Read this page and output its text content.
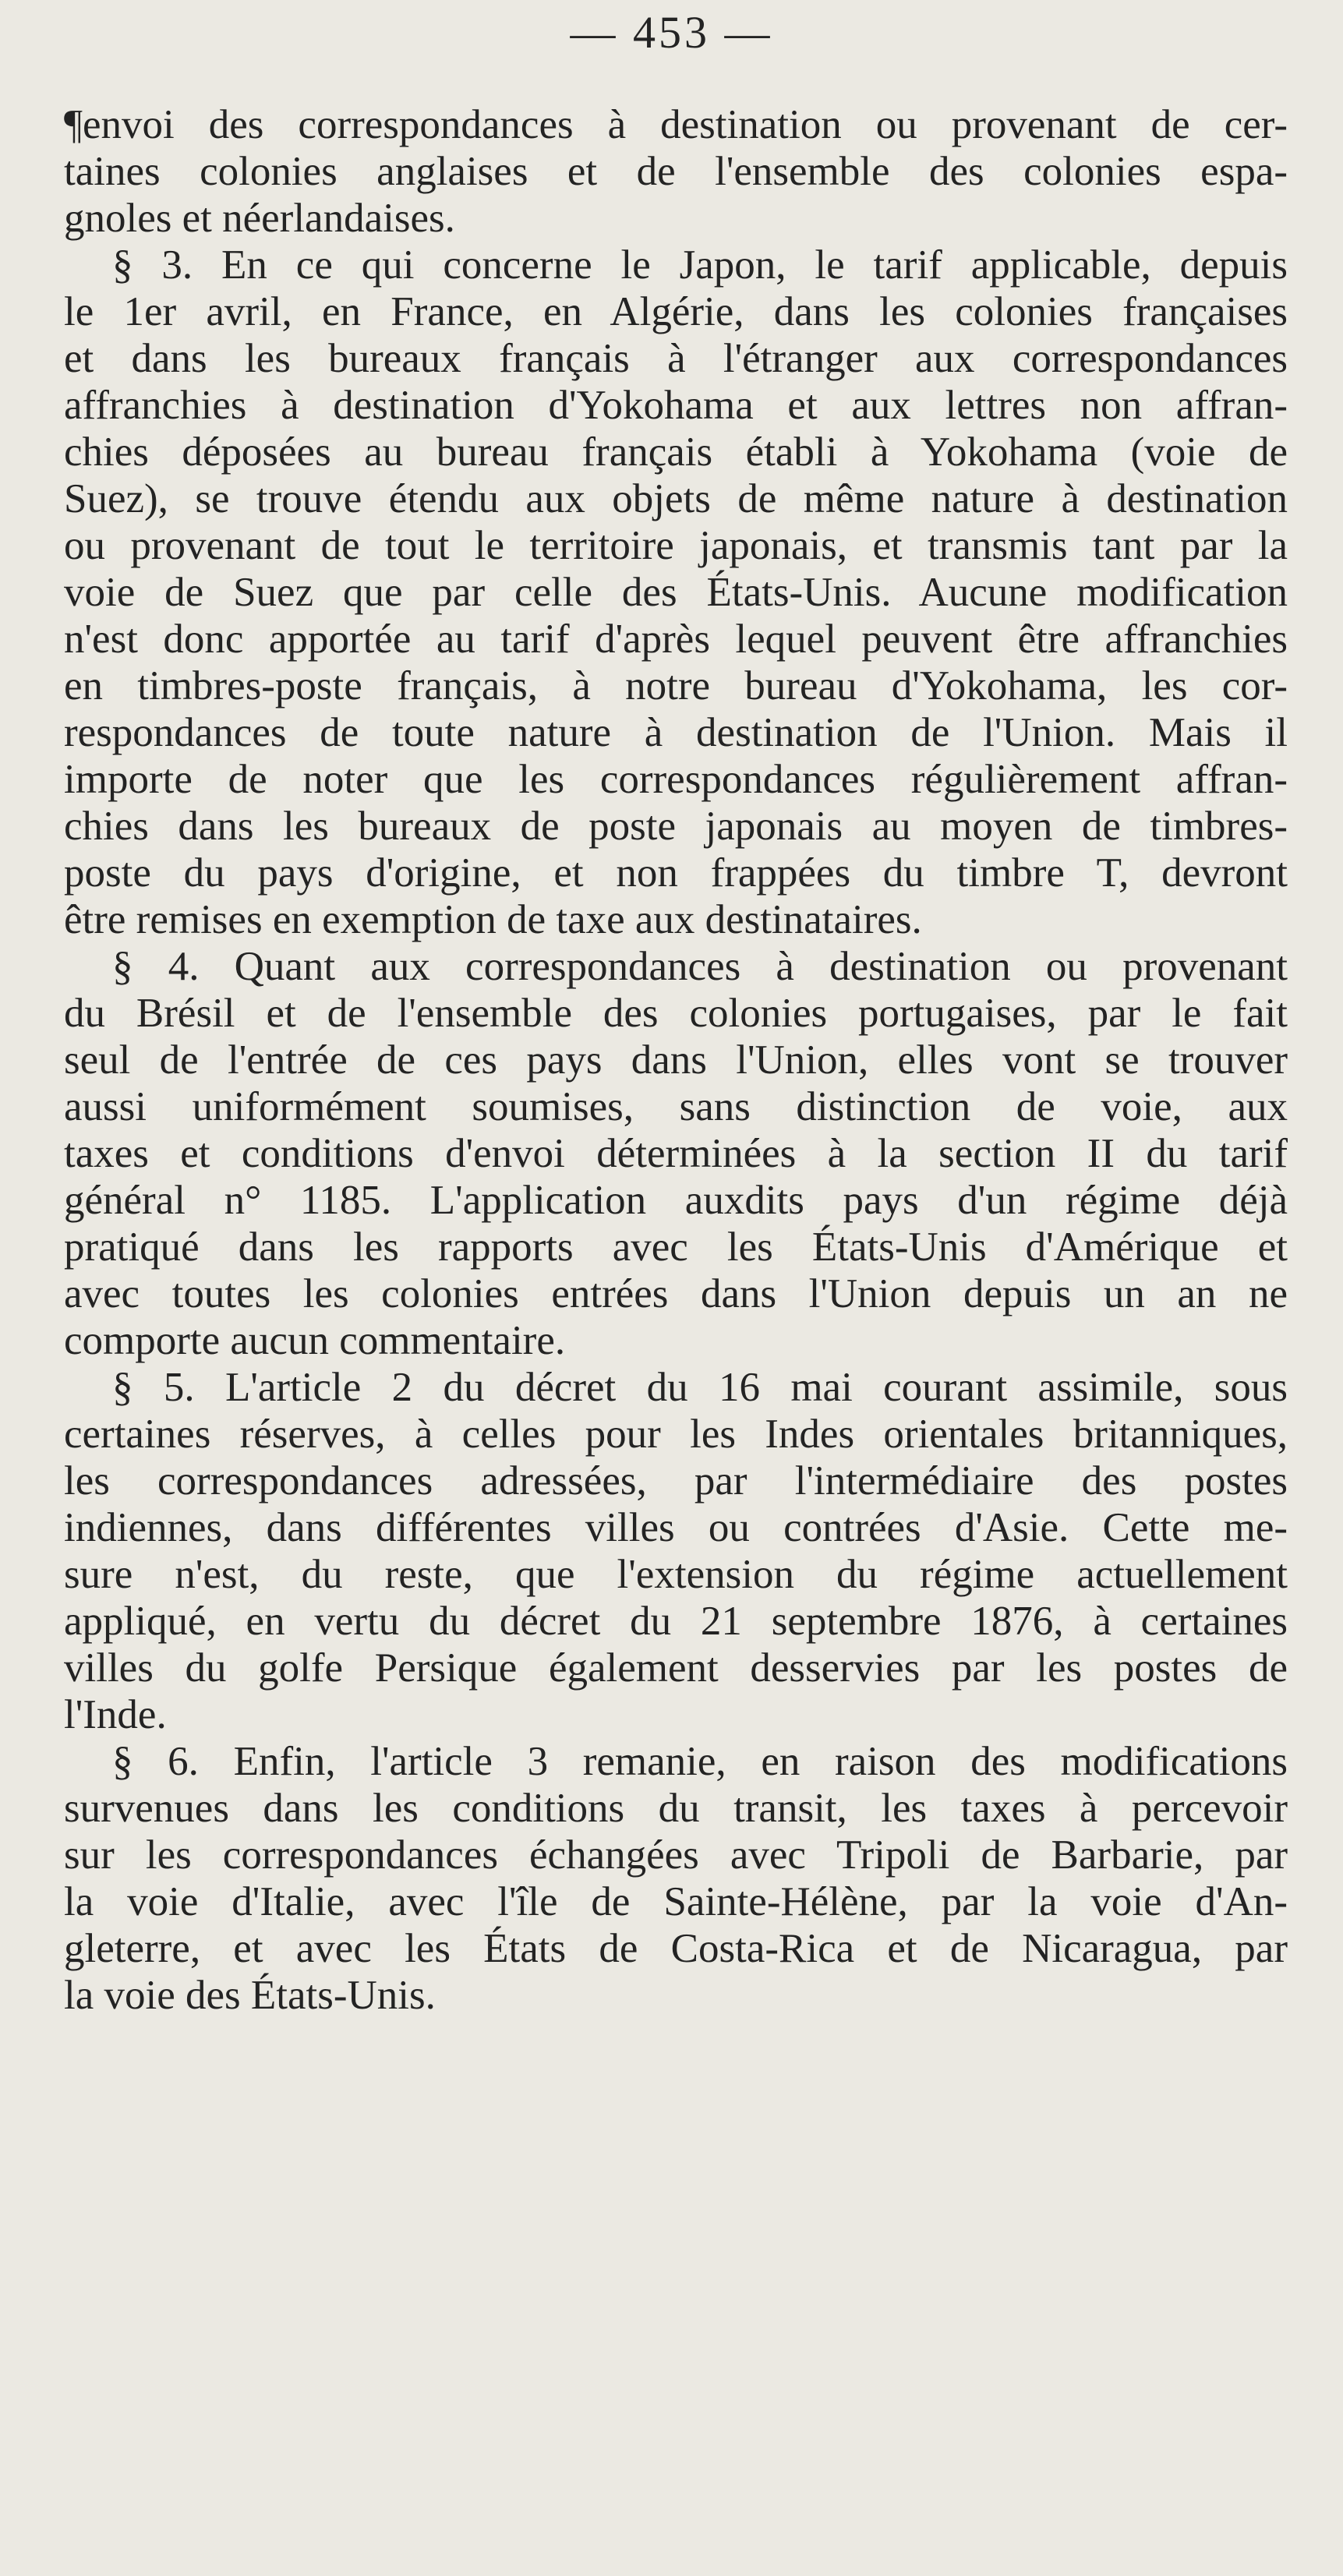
— 453 —
¶envoi des correspondances à destination ou provenant de cer-
taines colonies anglaises et de l'ensemble des colonies espa-
gnoles et néerlandaises.
§ 3. En ce qui concerne le Japon, le tarif applicable, depuis
le 1er avril, en France, en Algérie, dans les colonies françaises
et dans les bureaux français à l'étranger aux correspondances
affranchies à destination d'Yokohama et aux lettres non affran-
chies déposées au bureau français établi à Yokohama (voie de
Suez), se trouve étendu aux objets de même nature à destination
ou provenant de tout le territoire japonais, et transmis tant par la
voie de Suez que par celle des États-Unis. Aucune modification
n'est donc apportée au tarif d'après lequel peuvent être affranchies
en timbres-poste français, à notre bureau d'Yokohama, les cor-
respondances de toute nature à destination de l'Union. Mais il
importe de noter que les correspondances régulièrement affran-
chies dans les bureaux de poste japonais au moyen de timbres-
poste du pays d'origine, et non frappées du timbre T, devront
être remises en exemption de taxe aux destinataires.
§ 4. Quant aux correspondances à destination ou provenant
du Brésil et de l'ensemble des colonies portugaises, par le fait
seul de l'entrée de ces pays dans l'Union, elles vont se trouver
aussi uniformément soumises, sans distinction de voie, aux
taxes et conditions d'envoi déterminées à la section II du tarif
général n° 1185. L'application auxdits pays d'un régime déjà
pratiqué dans les rapports avec les États-Unis d'Amérique et
avec toutes les colonies entrées dans l'Union depuis un an ne
comporte aucun commentaire.
§ 5. L'article 2 du décret du 16 mai courant assimile, sous
certaines réserves, à celles pour les Indes orientales britanniques,
les correspondances adressées, par l'intermédiaire des postes
indiennes, dans différentes villes ou contrées d'Asie. Cette me-
sure n'est, du reste, que l'extension du régime actuellement
appliqué, en vertu du décret du 21 septembre 1876, à certaines
villes du golfe Persique également desservies par les postes de
l'Inde.
§ 6. Enfin, l'article 3 remanie, en raison des modifications
survenues dans les conditions du transit, les taxes à percevoir
sur les correspondances échangées avec Tripoli de Barbarie, par
la voie d'Italie, avec l'île de Sainte-Hélène, par la voie d'An-
gleterre, et avec les États de Costa-Rica et de Nicaragua, par
la voie des États-Unis.
